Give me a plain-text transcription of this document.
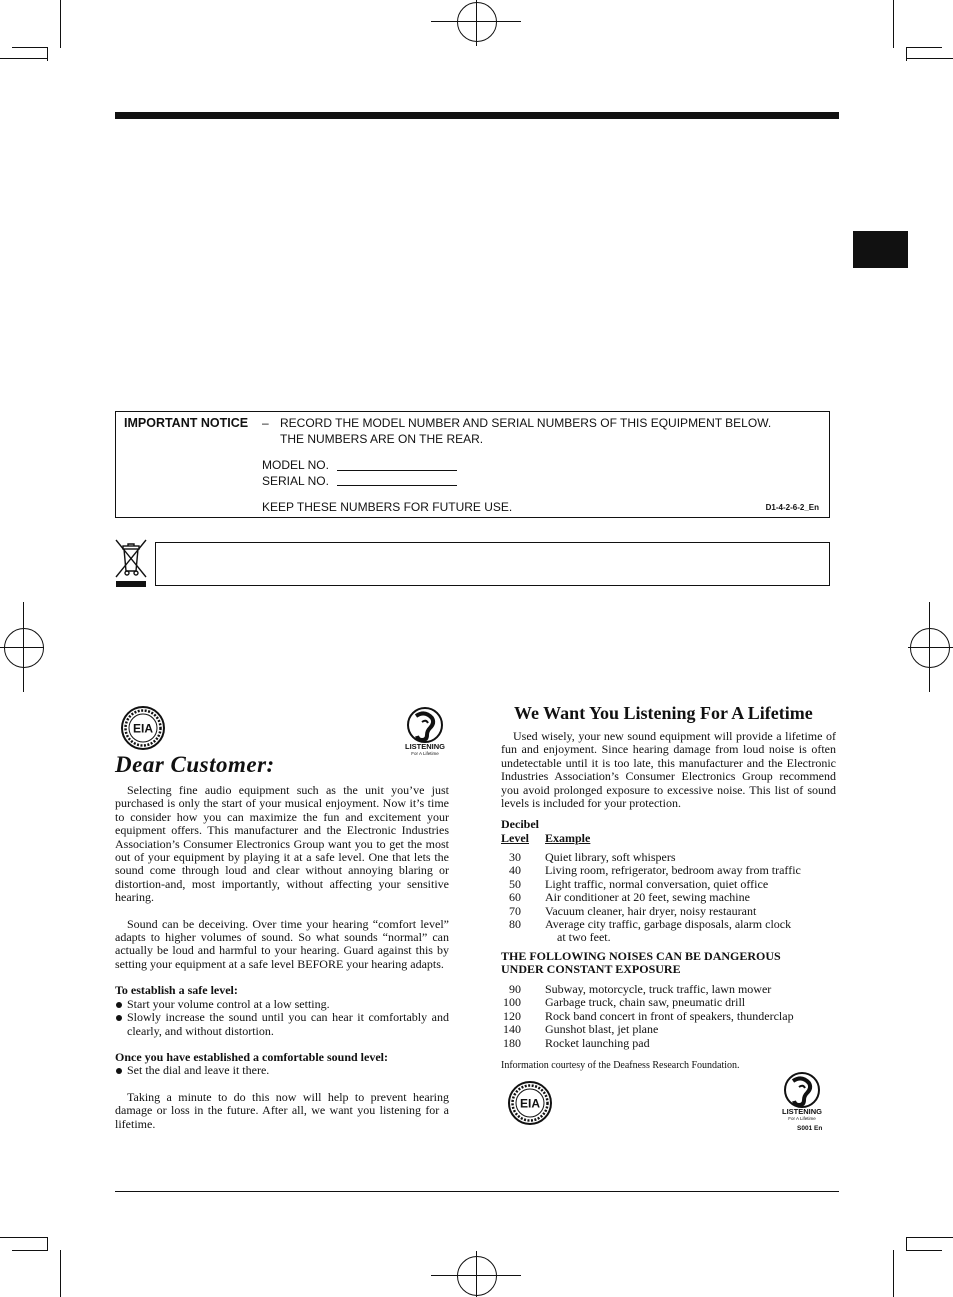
IMPORTANT NOTICE – RECORD THE MODEL NUMBER AND SERIAL NUMBERS OF THIS EQUIPMENT BELOW.
THE NUMBERS ARE ON THE REAR.
MODEL NO.
SERIAL NO.
KEEP THESE NUMBERS FOR FUTURE USE.	D1-4-2-6-2_En
EIA
LISTENING
For A Lifetime
Dear Customer:

Selecting fine audio equipment such as the unit you’ve just purchased is only the start of your musical enjoyment. Now it’s time to consider how you can maximize the fun and excitement your equipment offers. This manufacturer and the Electronic Industries Association’s Consumer Electronics Group want you to get the most out of your equipment by playing it at a safe level. One that lets the sound come through loud and clear without annoying blaring or distortion-and, most importantly, without affecting your sensitive hearing.

Sound can be deceiving. Over time your hearing “comfort level” adapts to higher volumes of sound. So what sounds “normal” can actually be loud and harmful to your hearing. Guard against this by setting your equipment at a safe level BEFORE your hearing adapts.

To establish a safe level:

Start your volume control at a low setting.

Slowly increase the sound until you can hear it comfortably and clearly, and without distortion.

Once you have established a comfortable sound level:

Set the dial and leave it there.

Taking a minute to do this now will help to prevent hearing damage or loss in the future. After all, we want you listening for a lifetime.

We Want You Listening For A Lifetime

Used wisely, your new sound equipment will provide a lifetime of fun and enjoyment. Since hearing damage from loud noise is often undetectable until it is too late, this manufacturer and the Electronic Industries Association’s Consumer Electronics Group recommend you avoid prolonged exposure to excessive noise. This list of sound levels is included for your protection.

Decibel
Level Example
30 Quiet library, soft whispers
40 Living room, refrigerator, bedroom away from traffic
50 Light traffic, normal conversation, quiet office
60 Air conditioner at 20 feet, sewing machine
70 Vacuum cleaner, hair dryer, noisy restaurant
80 Average city traffic, garbage disposals, alarm clock
at two feet.
THE FOLLOWING NOISES CAN BE DANGEROUS
UNDER CONSTANT EXPOSURE
90 Subway, motorcycle, truck traffic, lawn mower
100 Garbage truck, chain saw, pneumatic drill
120 Rock band concert in front of speakers, thunderclap
140 Gunshot blast, jet plane
180 Rocket launching pad
Information courtesy of the Deafness Research Foundation.
EIA
LISTENING
For A Lifetime
S001 En
